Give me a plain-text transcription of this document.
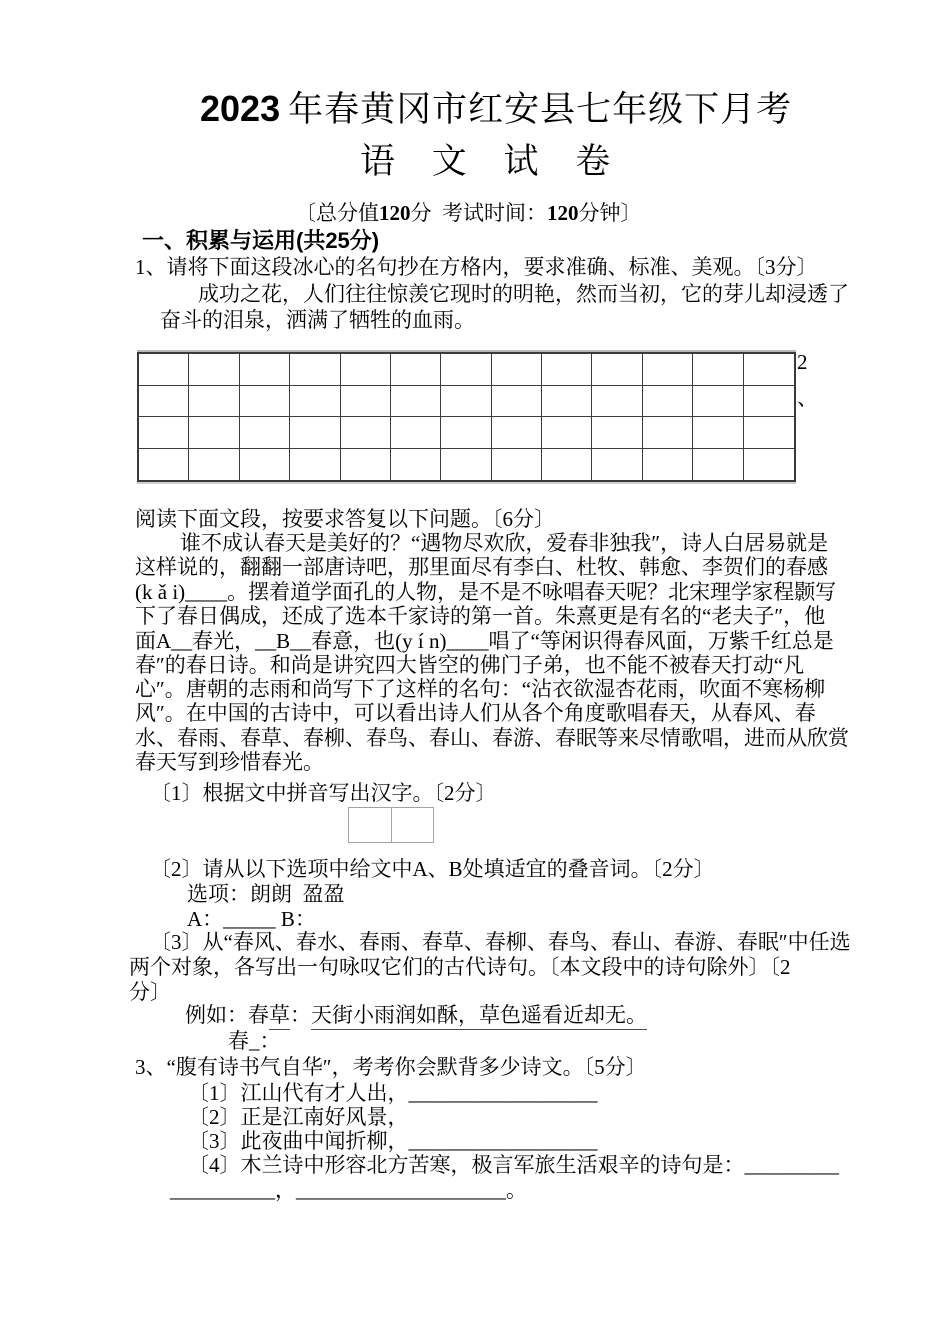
2023 年春黄冈市红安县七年级下月考
语 文 试 卷
〔总分值120分  考试时间：120分钟〕
一、积累与运用(共25分)
1、请将下面这段冰心的名句抄在方格内，要求准确、标准、美观。〔3分〕
成功之花，人们往往惊羡它现时的明艳，然而当初，它的芽儿却浸透了
奋斗的泪泉，洒满了牺牲的血雨。
2
、
阅读下面文段，按要求答复以下问题。〔6分〕
谁不成认春天是美好的？“遇物尽欢欣，爱春非独我″，诗人白居易就是
这样说的，翻翻一部唐诗吧，那里面尽有李白、杜牧、韩愈、李贺们的春感
(k ǎ i)____。摆着道学面孔的人物，是不是不咏唱春天呢？北宋理学家程颢写
下了春日偶成，还成了选本千家诗的第一首。朱熹更是有名的“老夫子″，他
面A__春光，__B__春意，也(y í n)____唱了“等闲识得春风面，万紫千红总是
春″的春日诗。和尚是讲究四大皆空的佛门子弟，也不能不被春天打动“凡
心″。唐朝的志雨和尚写下了这样的名句：“沾衣欲湿杏花雨，吹面不寒杨柳
风″。在中国的古诗中，可以看出诗人们从各个角度歌唱春天，从春风、春
水、春雨、春草、春柳、春鸟、春山、春游、春眠等来尽情歌唱，进而从欣赏
春天写到珍惜春光。
〔1〕根据文中拼音写出汉字。〔2分〕
〔2〕请从以下选项中给文中A、B处填适宜的叠音词。〔2分〕
选项：朗朗  盈盈
A：_____ B：
〔3〕从“春风、春水、春雨、春草、春柳、春鸟、春山、春游、春眠″中任选
两个对象，各写出一句咏叹它们的古代诗句。〔本文段中的诗句除外〕〔2
分〕
例如：春草：天街小雨润如酥，草色遥看近却无。
春_：
3、“腹有诗书气自华″，考考你会默背多少诗文。〔5分〕
〔1〕江山代有才人出，__________________
〔2〕正是江南好风景，
〔3〕此夜曲中闻折柳，__________________
〔4〕木兰诗中形容北方苦寒，极言军旅生活艰辛的诗句是：_________
__________，____________________。
